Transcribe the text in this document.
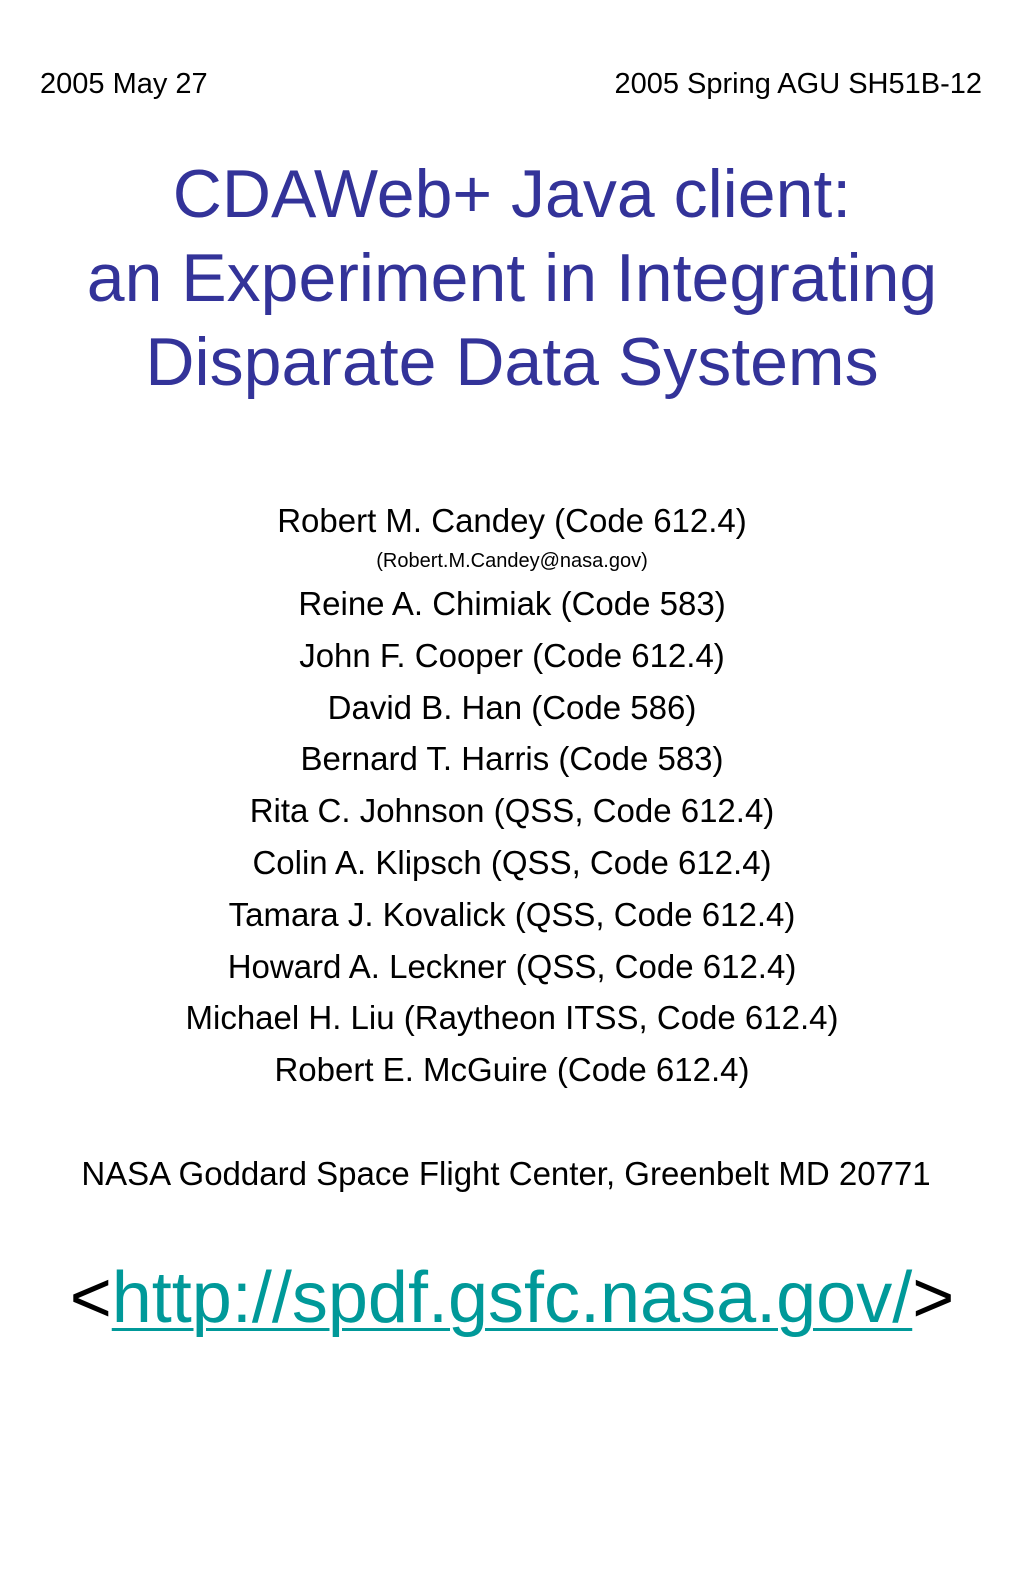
2005 May 27	2005 Spring AGU SH51B-12
CDAWeb+ Java client:
an Experiment in Integrating
Disparate Data Systems
Robert M. Candey (Code 612.4)
(Robert.M.Candey@nasa.gov)
Reine A. Chimiak (Code 583)
John F. Cooper (Code 612.4)
David B. Han (Code 586)
Bernard T. Harris (Code 583)
Rita C. Johnson (QSS, Code 612.4)
Colin A. Klipsch (QSS, Code 612.4)
Tamara J. Kovalick (QSS, Code 612.4)
Howard A. Leckner (QSS, Code 612.4)
Michael H. Liu (Raytheon ITSS, Code 612.4)
Robert E. McGuire (Code 612.4)
NASA Goddard Space Flight Center, Greenbelt MD 20771
<http://spdf.gsfc.nasa.gov/>
